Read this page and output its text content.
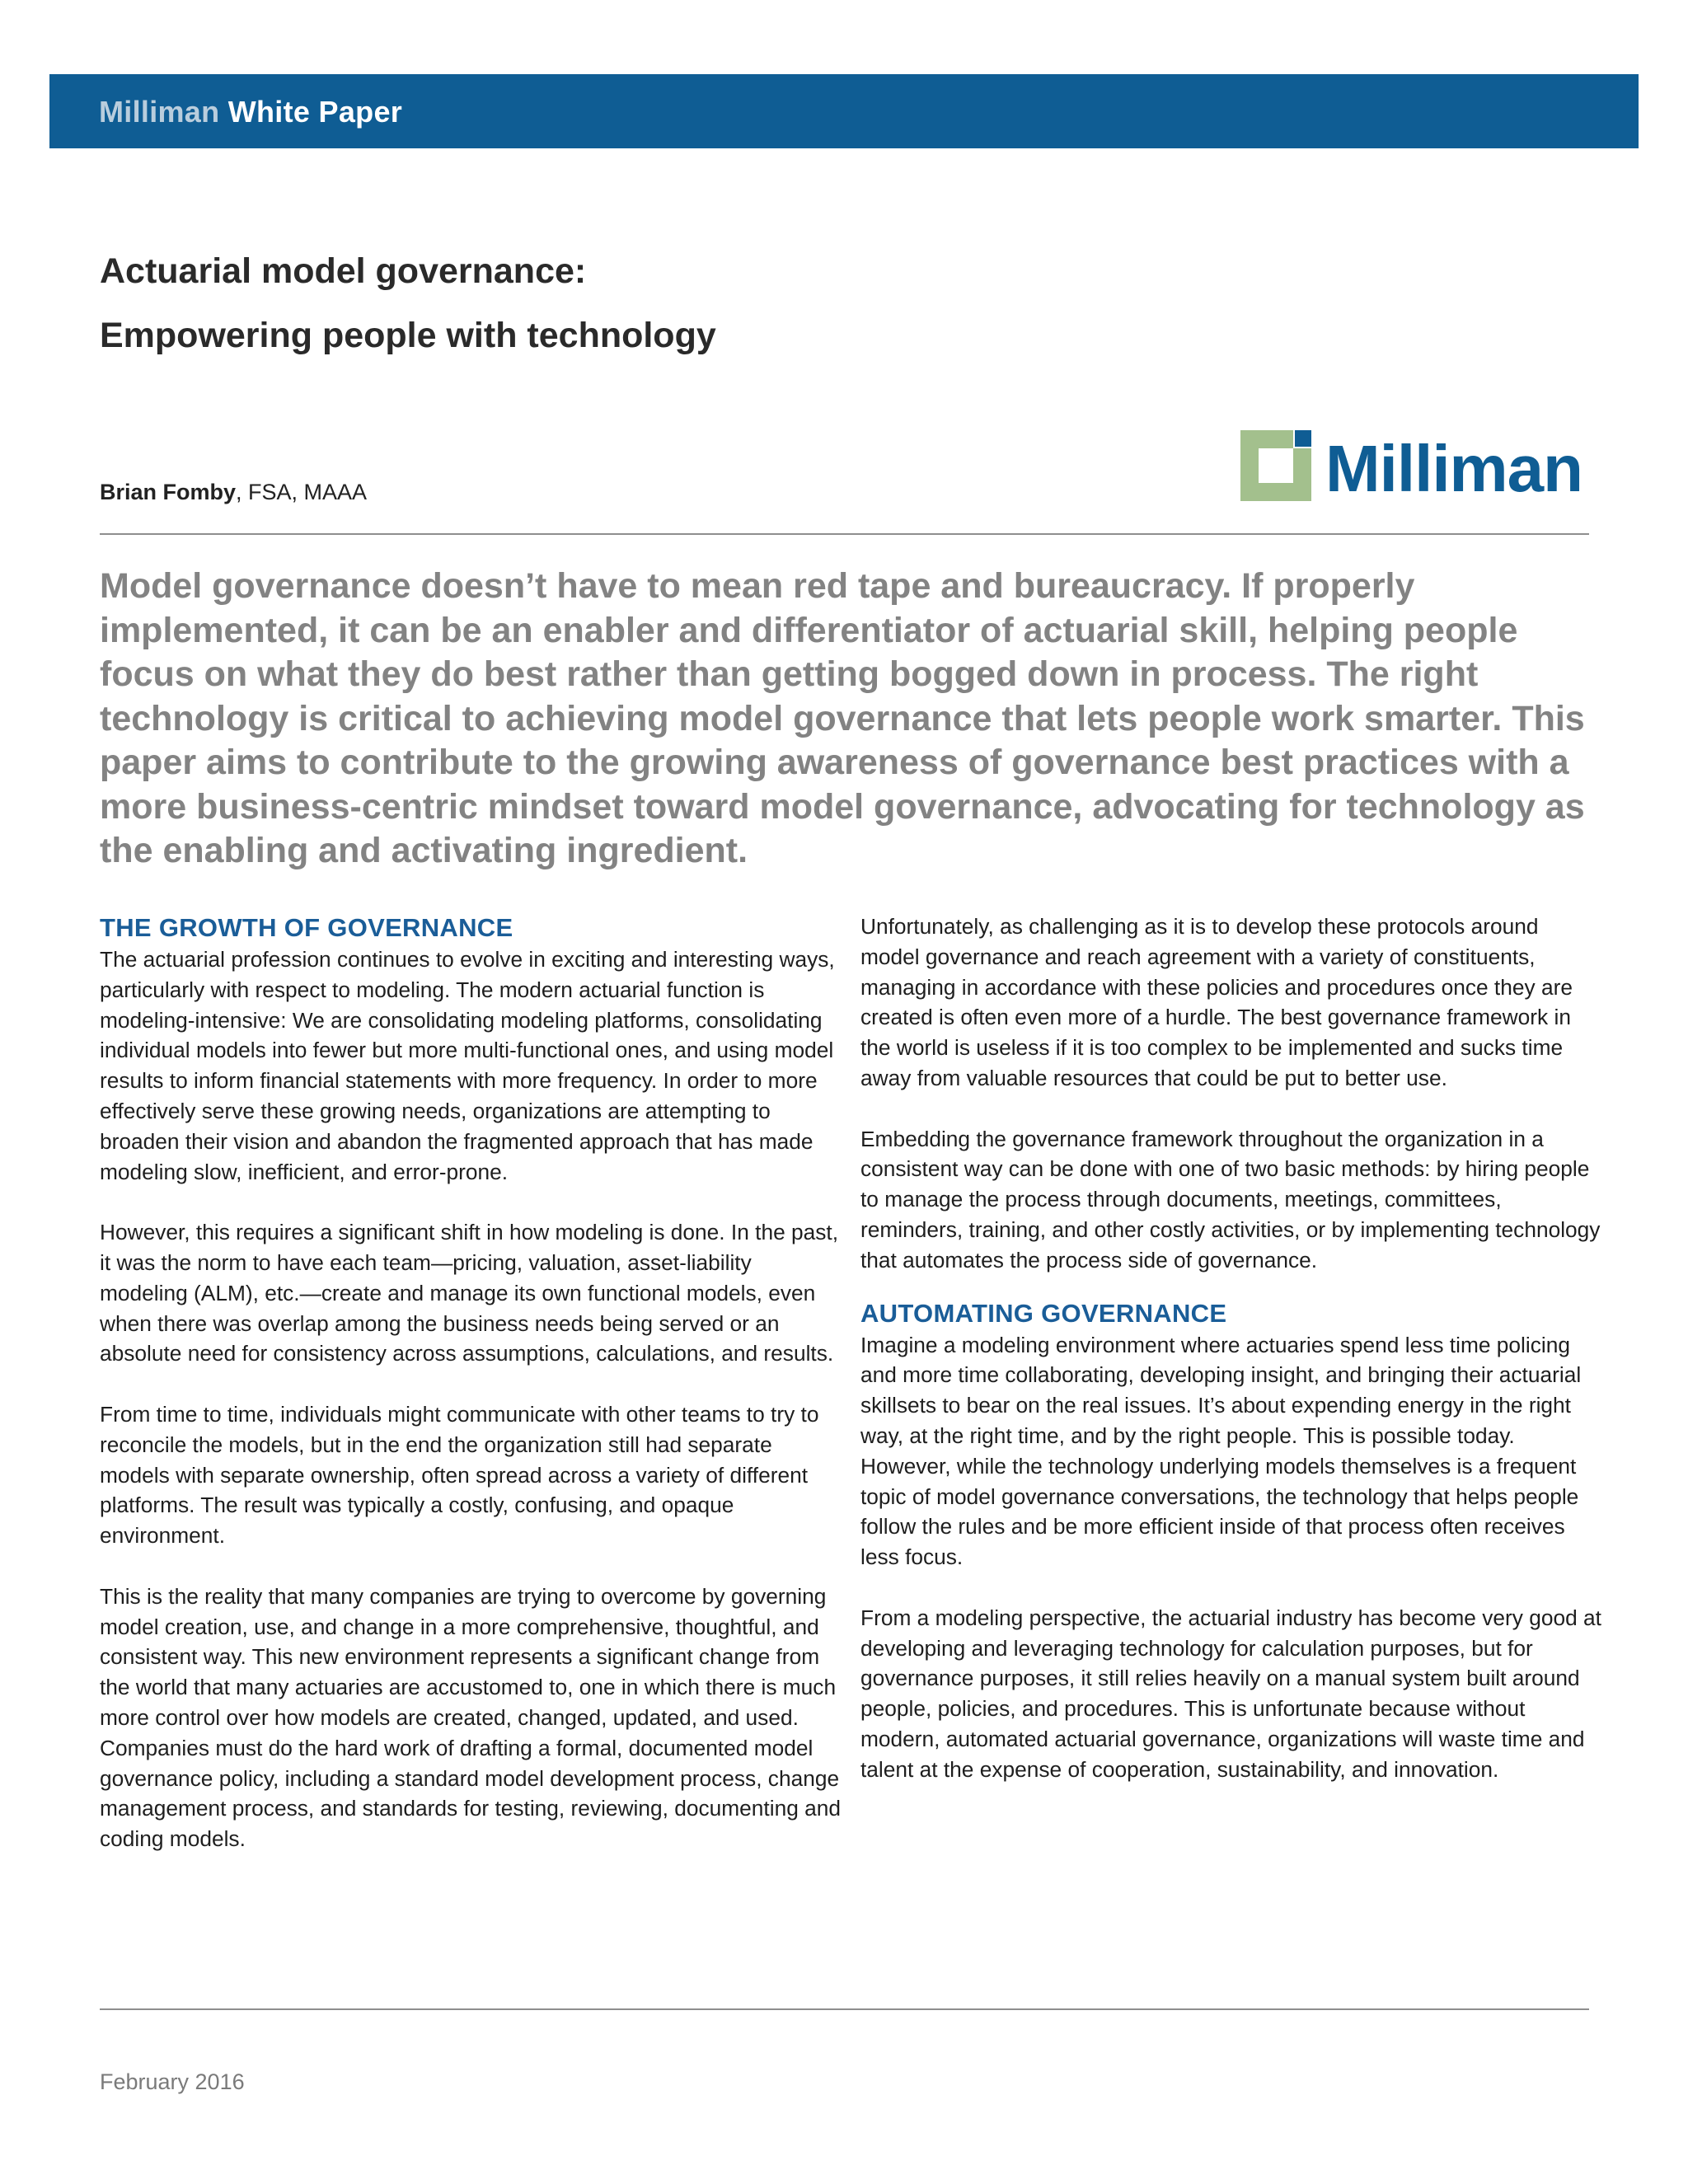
Milliman White Paper
Actuarial model governance:
Empowering people with technology
Brian Fomby, FSA, MAAA	Milliman

Model governance doesn’t have to mean red tape and bureaucracy. If properly implemented, it can be an enabler and differentiator of actuarial skill, helping people focus on what they do best rather than getting bogged down in process. The right technology is critical to achieving model governance that lets people work smarter. This paper aims to contribute to the growing awareness of governance best practices with a more business-centric mindset toward model governance, advocating for technology as the enabling and activating ingredient.

THE GROWTH OF GOVERNANCE

The actuarial profession continues to evolve in exciting and interesting ways, particularly with respect to modeling. The modern actuarial function is modeling-intensive: We are consolidating modeling platforms, consolidating individual models into fewer but more multi-functional ones, and using model results to inform financial statements with more frequency. In order to more effectively serve these growing needs, organizations are attempting to broaden their vision and abandon the fragmented approach that has made modeling slow, inefficient, and error-prone.

However, this requires a significant shift in how modeling is done. In the past, it was the norm to have each team—pricing, valuation, asset-liability modeling (ALM), etc.—create and manage its own functional models, even when there was overlap among the business needs being served or an absolute need for consistency across assumptions, calculations, and results.

From time to time, individuals might communicate with other teams to try to reconcile the models, but in the end the organization still had separate models with separate ownership, often spread across a variety of different platforms. The result was typically a costly, confusing, and opaque environment.

This is the reality that many companies are trying to overcome by governing model creation, use, and change in a more comprehensive, thoughtful, and consistent way. This new environment represents a significant change from the world that many actuaries are accustomed to, one in which there is much more control over how models are created, changed, updated, and used. Companies must do the hard work of drafting a formal, documented model governance policy, including a standard model development process, change management process, and standards for testing, reviewing, documenting and coding models.

Unfortunately, as challenging as it is to develop these protocols around model governance and reach agreement with a variety of constituents, managing in accordance with these policies and procedures once they are created is often even more of a hurdle. The best governance framework in the world is useless if it is too complex to be implemented and sucks time away from valuable resources that could be put to better use.

Embedding the governance framework throughout the organization in a consistent way can be done with one of two basic methods: by hiring people to manage the process through documents, meetings, committees, reminders, training, and other costly activities, or by implementing technology that automates the process side of governance.

AUTOMATING GOVERNANCE

Imagine a modeling environment where actuaries spend less time policing and more time collaborating, developing insight, and bringing their actuarial skillsets to bear on the real issues. It’s about expending energy in the right way, at the right time, and by the right people. This is possible today. However, while the technology underlying models themselves is a frequent topic of model governance conversations, the technology that helps people follow the rules and be more efficient inside of that process often receives less focus.

From a modeling perspective, the actuarial industry has become very good at developing and leveraging technology for calculation purposes, but for governance purposes, it still relies heavily on a manual system built around people, policies, and procedures. This is unfortunate because without modern, automated actuarial governance, organizations will waste time and talent at the expense of cooperation, sustainability, and innovation.

February 2016
